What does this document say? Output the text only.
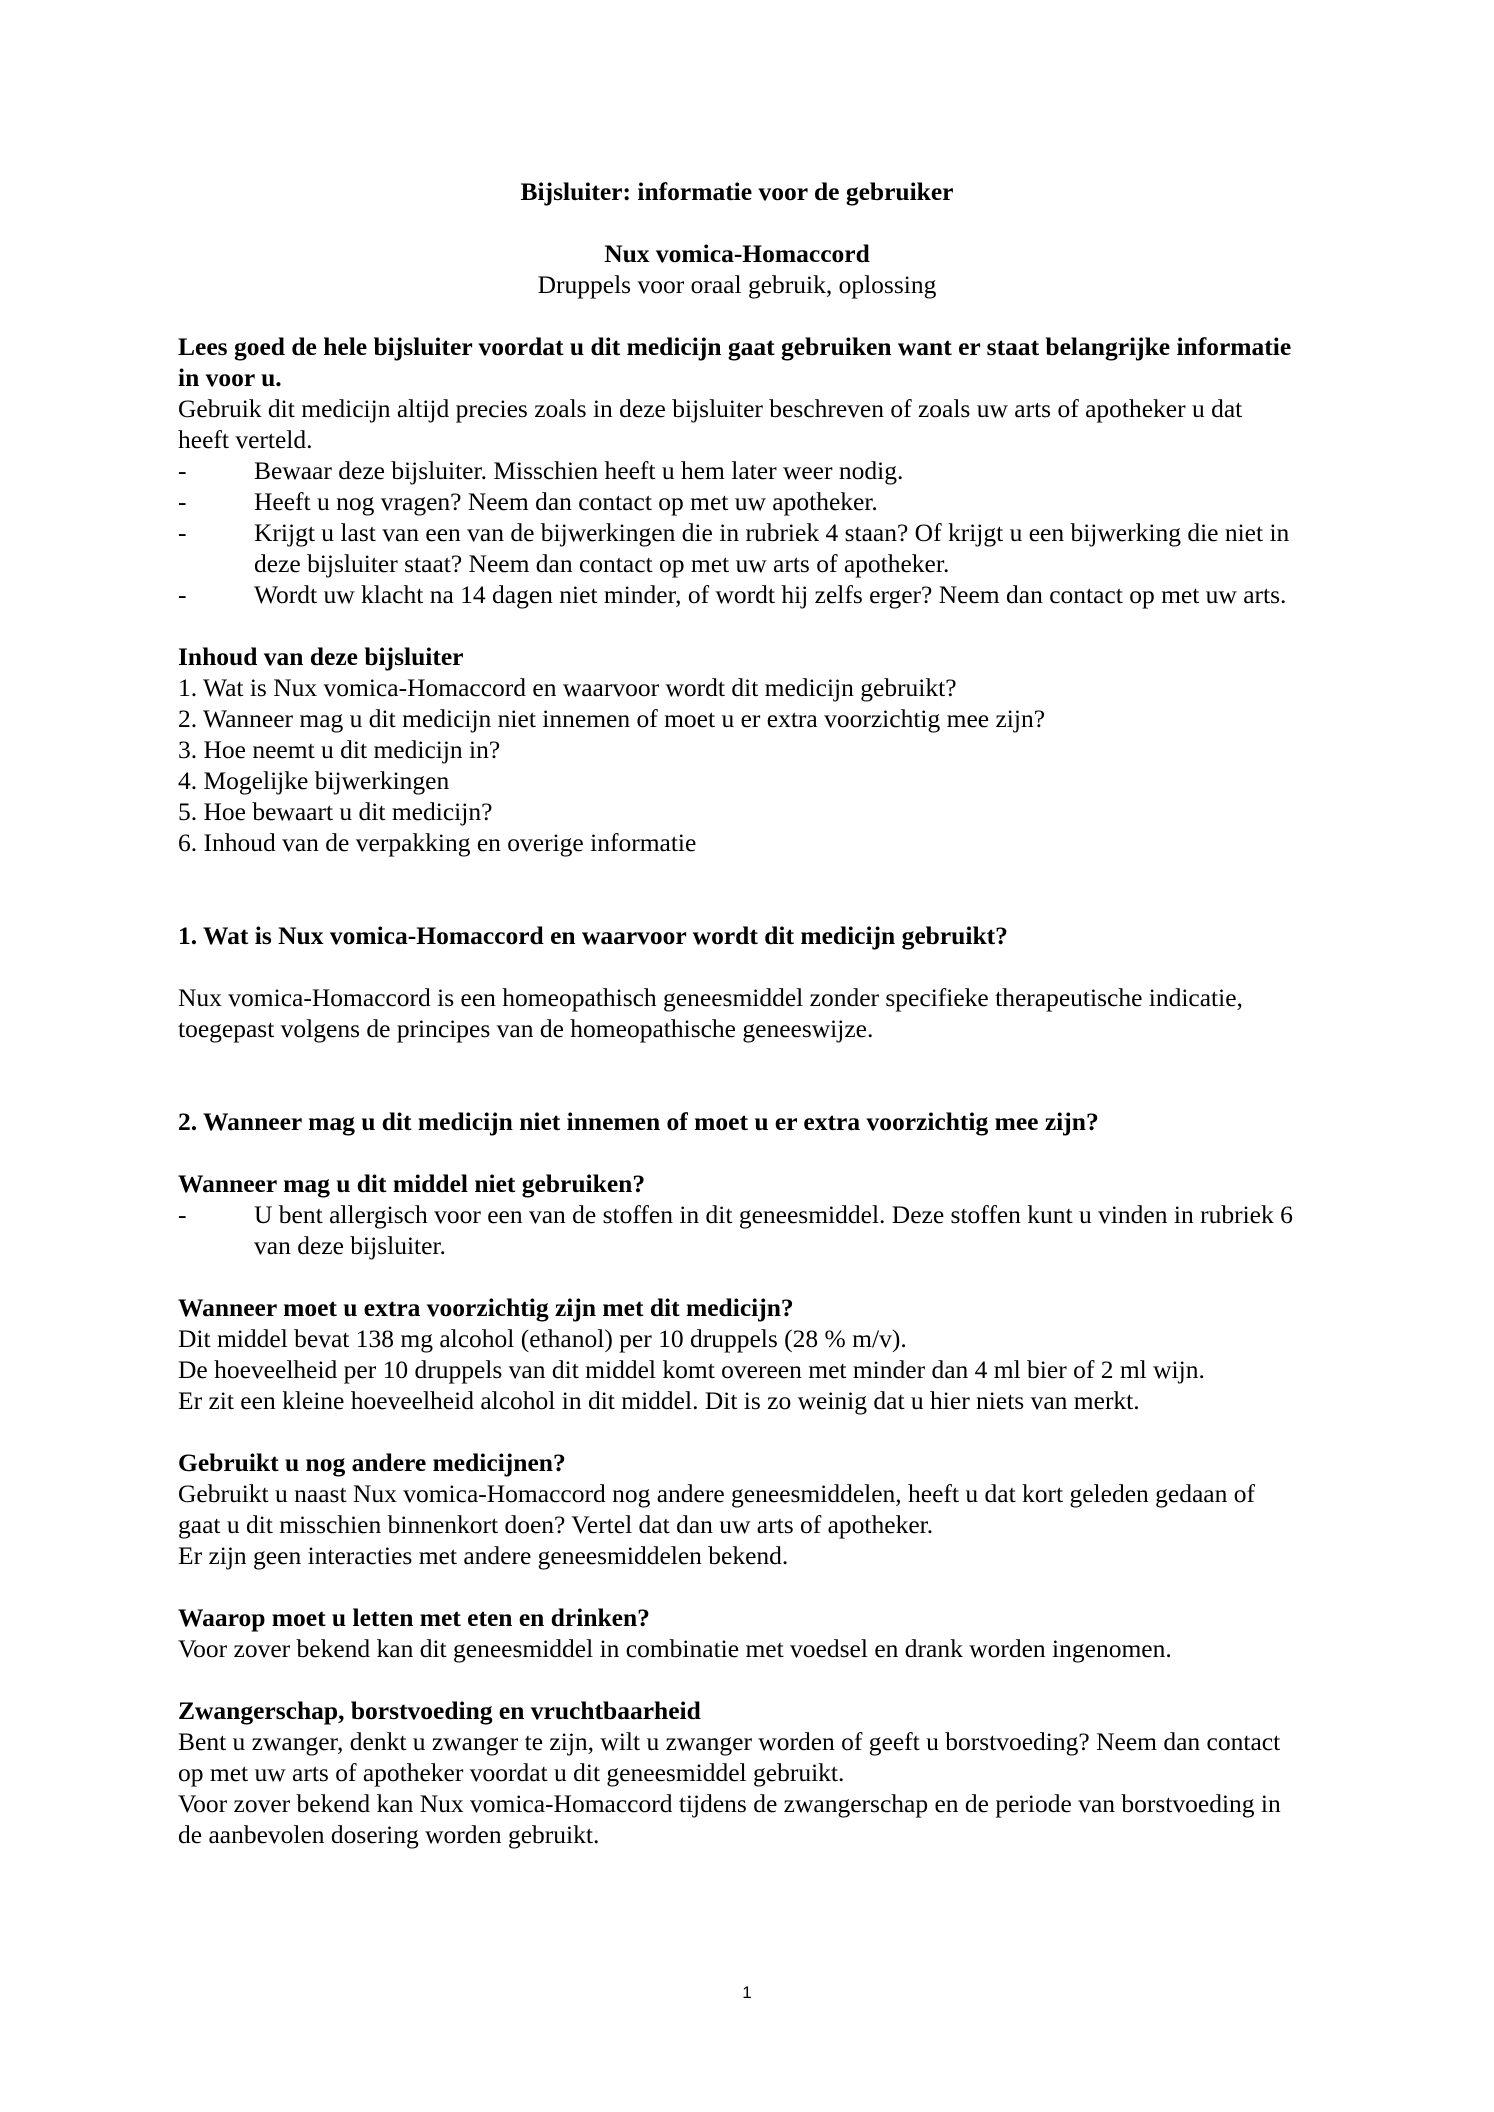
Bijsluiter: informatie voor de gebruiker
Nux vomica-Homaccord
Druppels voor oraal gebruik, oplossing

Lees goed de hele bijsluiter voordat u dit medicijn gaat gebruiken want er staat belangrijke informatie in voor u.

Gebruik dit medicijn altijd precies zoals in deze bijsluiter beschreven of zoals uw arts of apotheker u dat heeft verteld.

-	Bewaar deze bijsluiter. Misschien heeft u hem later weer nodig.
-	Heeft u nog vragen? Neem dan contact op met uw apotheker.
-	Krijgt u last van een van de bijwerkingen die in rubriek 4 staan? Of krijgt u een bijwerking die niet in deze bijsluiter staat? Neem dan contact op met uw arts of apotheker.
-	Wordt uw klacht na 14 dagen niet minder, of wordt hij zelfs erger? Neem dan contact op met uw arts.
Inhoud van deze bijsluiter
1. Wat is Nux vomica-Homaccord en waarvoor wordt dit medicijn gebruikt?
2. Wanneer mag u dit medicijn niet innemen of moet u er extra voorzichtig mee zijn?
3. Hoe neemt u dit medicijn in?
4. Mogelijke bijwerkingen
5. Hoe bewaart u dit medicijn?
6. Inhoud van de verpakking en overige informatie
1. Wat is Nux vomica-Homaccord en waarvoor wordt dit medicijn gebruikt?

Nux vomica-Homaccord is een homeopathisch geneesmiddel zonder specifieke therapeutische indicatie, toegepast volgens de principes van de homeopathische geneeswijze.

2. Wanneer mag u dit medicijn niet innemen of moet u er extra voorzichtig mee zijn?
Wanneer mag u dit middel niet gebruiken?
-	U bent allergisch voor een van de stoffen in dit geneesmiddel. Deze stoffen kunt u vinden in rubriek 6 van deze bijsluiter.
Wanneer moet u extra voorzichtig zijn met dit medicijn?

Dit middel bevat 138 mg alcohol (ethanol) per 10 druppels (28 % m/v).

De hoeveelheid per 10 druppels van dit middel komt overeen met minder dan 4 ml bier of 2 ml wijn.

Er zit een kleine hoeveelheid alcohol in dit middel. Dit is zo weinig dat u hier niets van merkt.

Gebruikt u nog andere medicijnen?

Gebruikt u naast Nux vomica-Homaccord nog andere geneesmiddelen, heeft u dat kort geleden gedaan of gaat u dit misschien binnenkort doen? Vertel dat dan uw arts of apotheker.

Er zijn geen interacties met andere geneesmiddelen bekend.

Waarop moet u letten met eten en drinken?

Voor zover bekend kan dit geneesmiddel in combinatie met voedsel en drank worden ingenomen.

Zwangerschap, borstvoeding en vruchtbaarheid

Bent u zwanger, denkt u zwanger te zijn, wilt u zwanger worden of geeft u borstvoeding? Neem dan contact op met uw arts of apotheker voordat u dit geneesmiddel gebruikt.

Voor zover bekend kan Nux vomica-Homaccord tijdens de zwangerschap en de periode van borstvoeding in de aanbevolen dosering worden gebruikt.

1
